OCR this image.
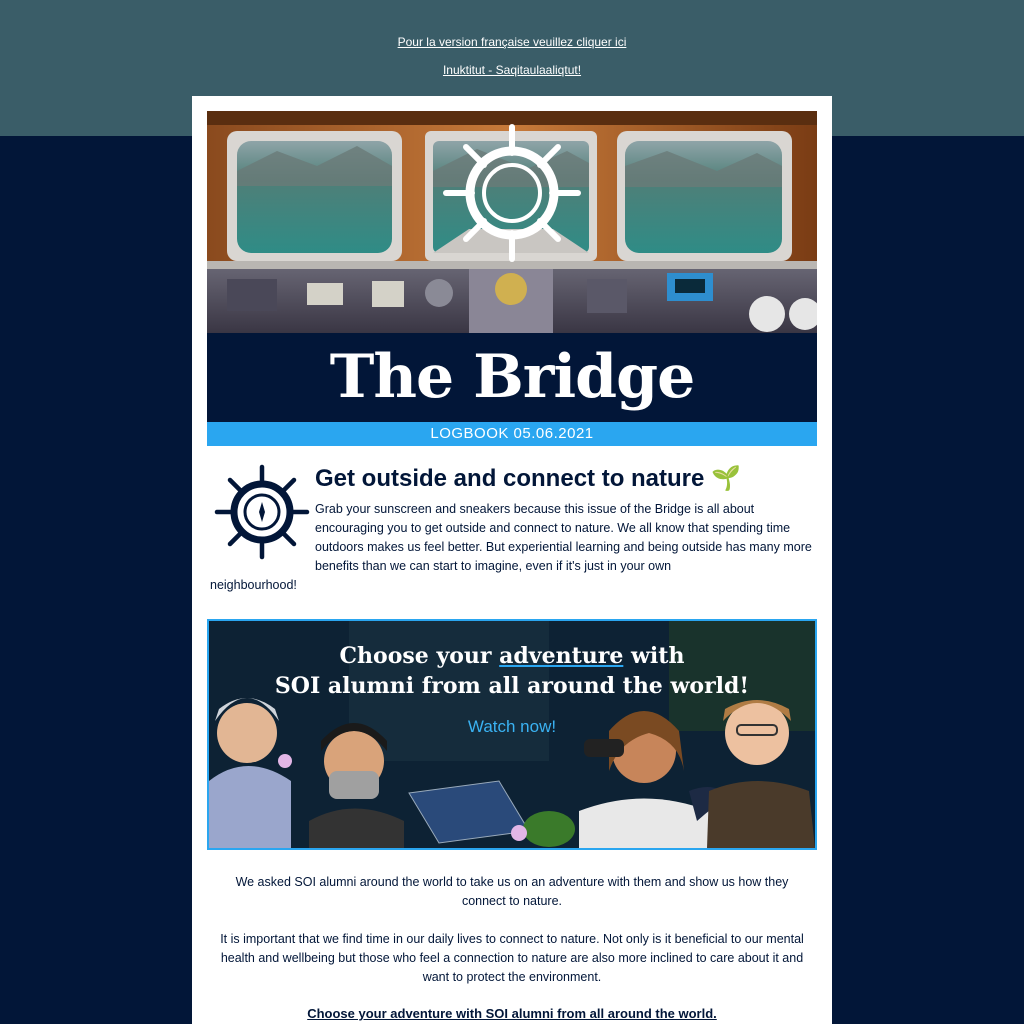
Pour la version française veuillez cliquer ici
Inuktitut - Saqitaulaaliqtut!
The Bridge
LOGBOOK 05.06.2021
Get outside and connect to nature 🌱
Grab your sunscreen and sneakers because this issue of the Bridge is all about encouraging you to get outside and connect to nature. We all know that spending time outdoors makes us feel better. But experiential learning and being outside has many more benefits than we can start to imagine, even if it's just in your own
neighbourhood!
Choose your adventure with
SOI alumni from all around the world!
Watch now!
We asked SOI alumni around the world to take us on an adventure with them and show us how they connect to nature.
It is important that we find time in our daily lives to connect to nature. Not only is it beneficial to our mental health and wellbeing but those who feel a connection to nature are also more inclined to care about it and want to protect the environment.
Choose your adventure with SOI alumni from all around the world.
